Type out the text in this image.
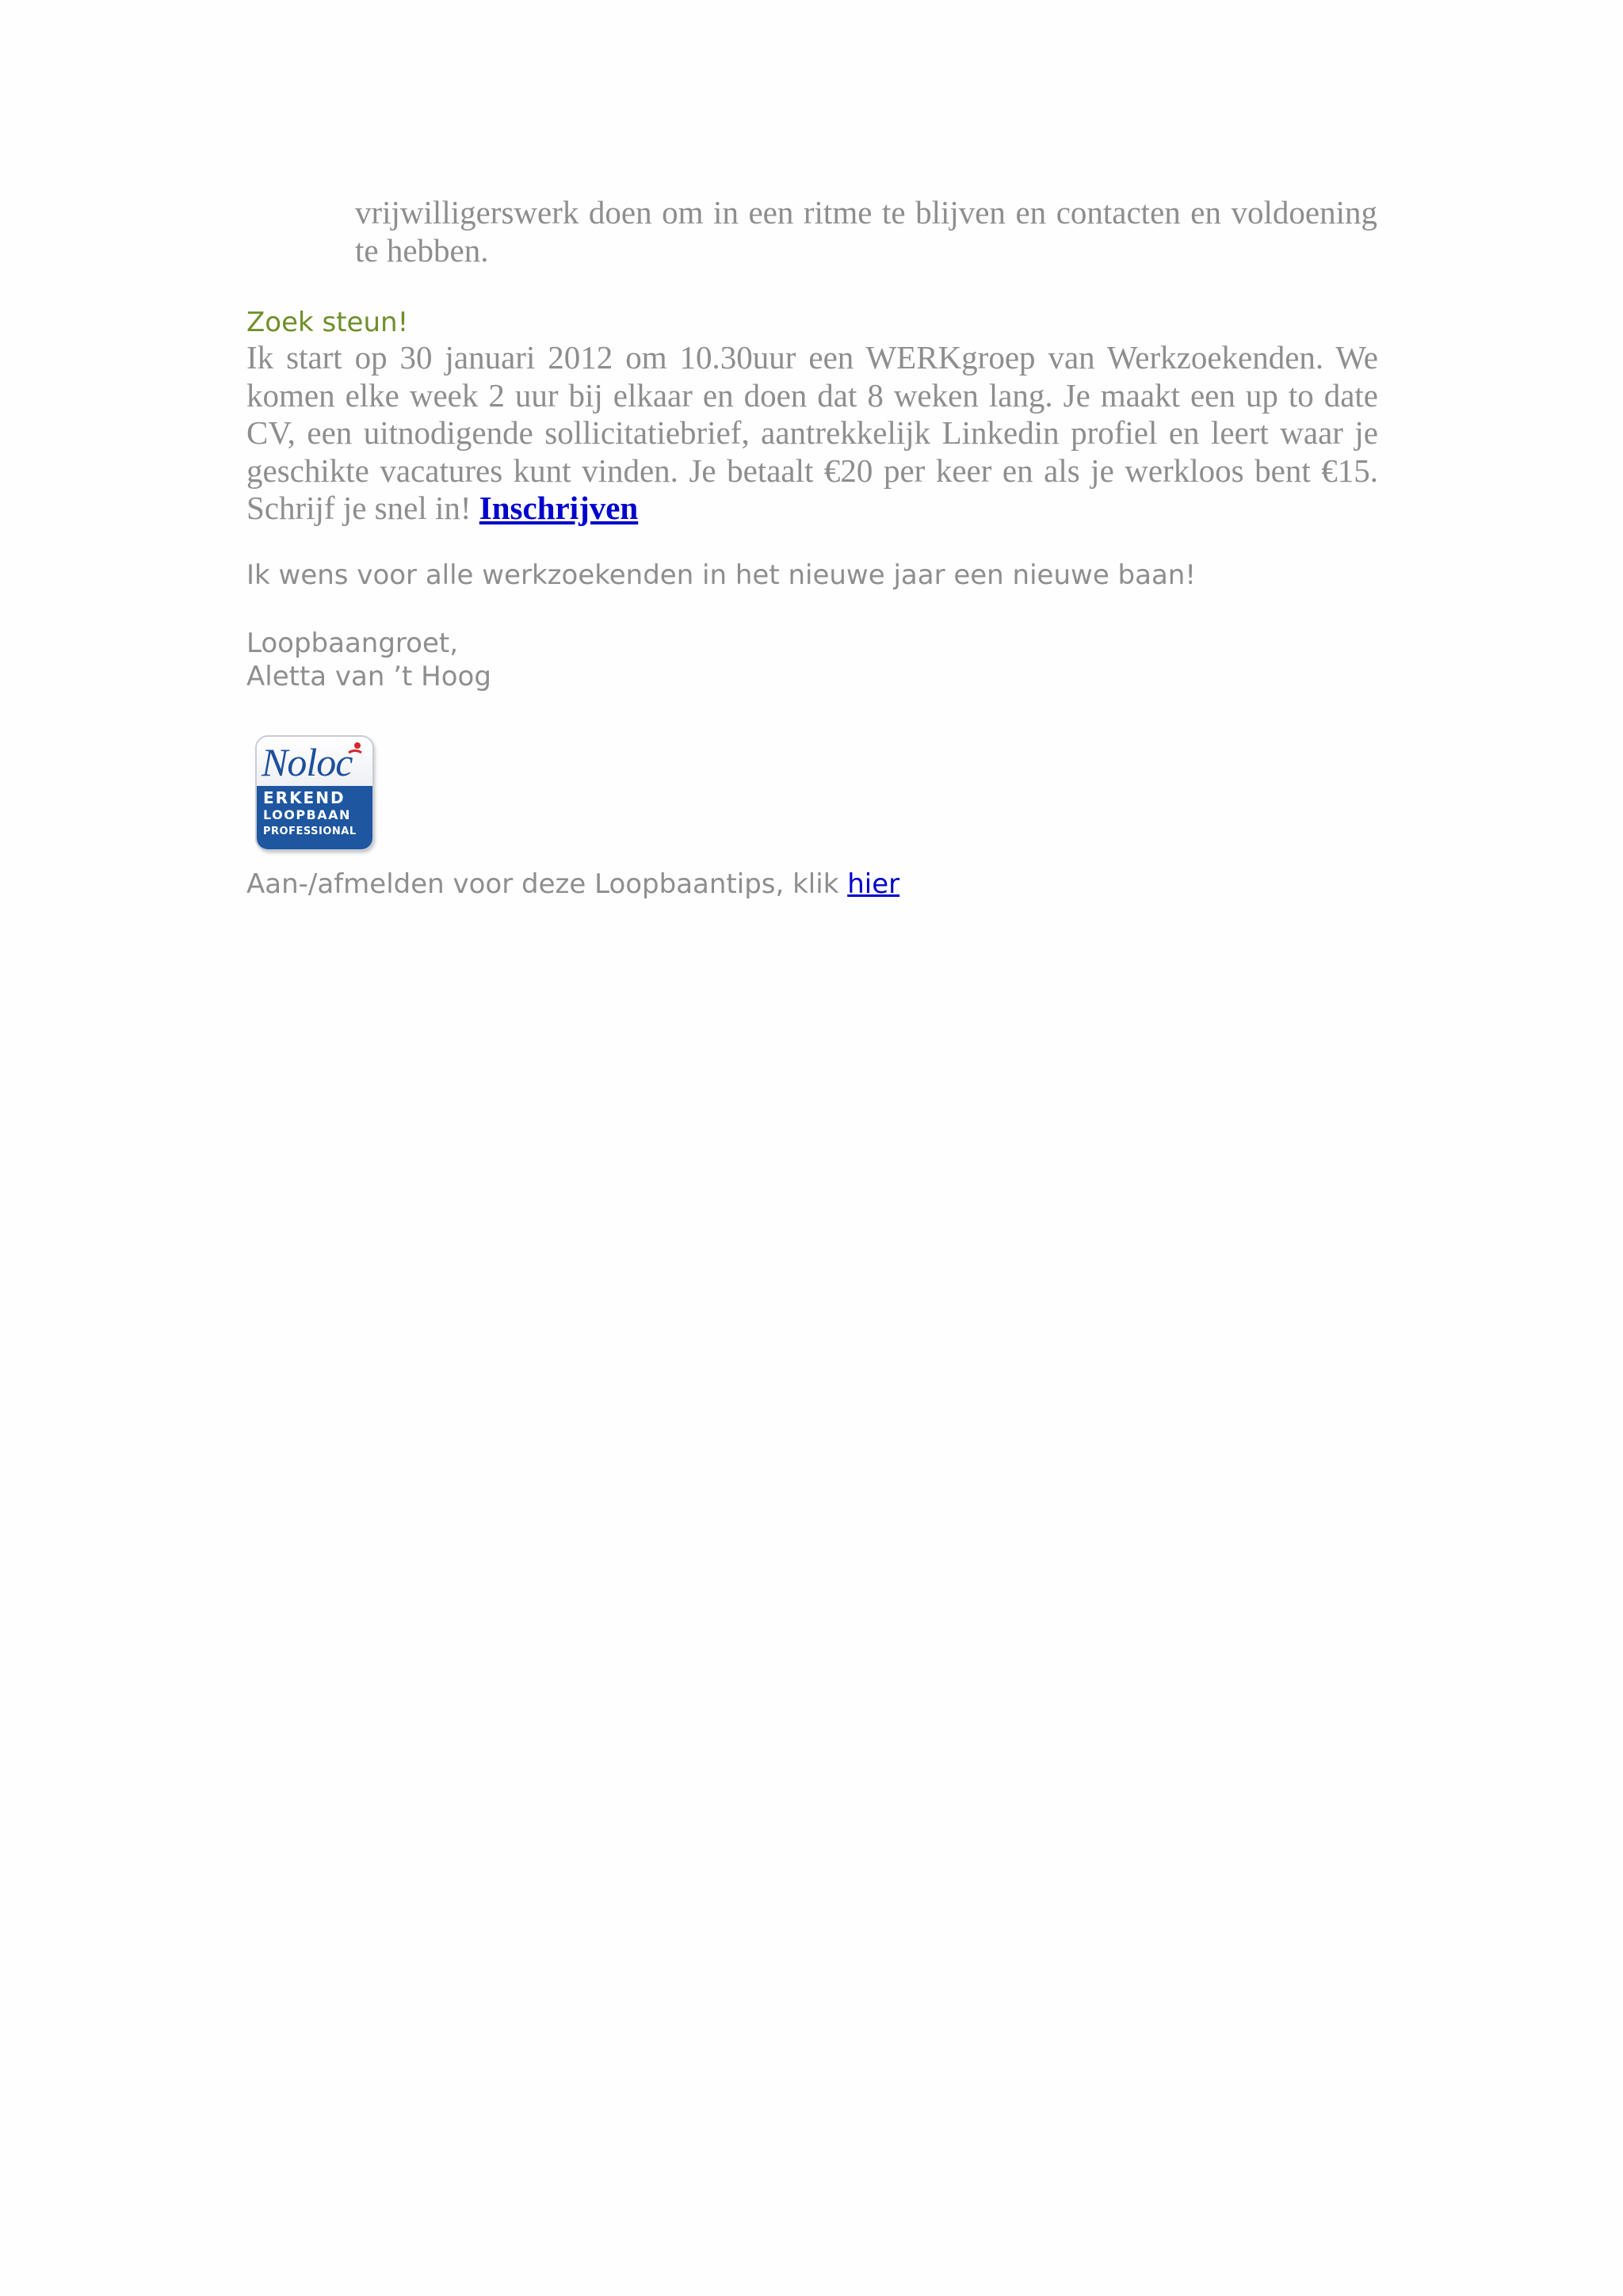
vrijwilligerswerk doen om in een ritme te blijven en contacten en voldoening
te hebben.
Zoek steun!
Ik start op 30 januari 2012 om 10.30uur een WERKgroep van Werkzoekenden. We
komen elke week 2 uur bij elkaar en doen dat 8 weken lang. Je maakt een up to date
CV, een uitnodigende sollicitatiebrief, aantrekkelijk Linkedin profiel en leert waar je
geschikte vacatures kunt vinden. Je betaalt €20 per keer en als je werkloos bent €15.
Schrijf je snel in! Inschrijven
Ik wens voor alle werkzoekenden in het nieuwe jaar een nieuwe baan!
Loopbaangroet,
Aletta van ’t Hoog
Noloc
ERKEND
LOOPBAAN
PROFESSIONAL
Aan-/afmelden voor deze Loopbaantips, klik hier
